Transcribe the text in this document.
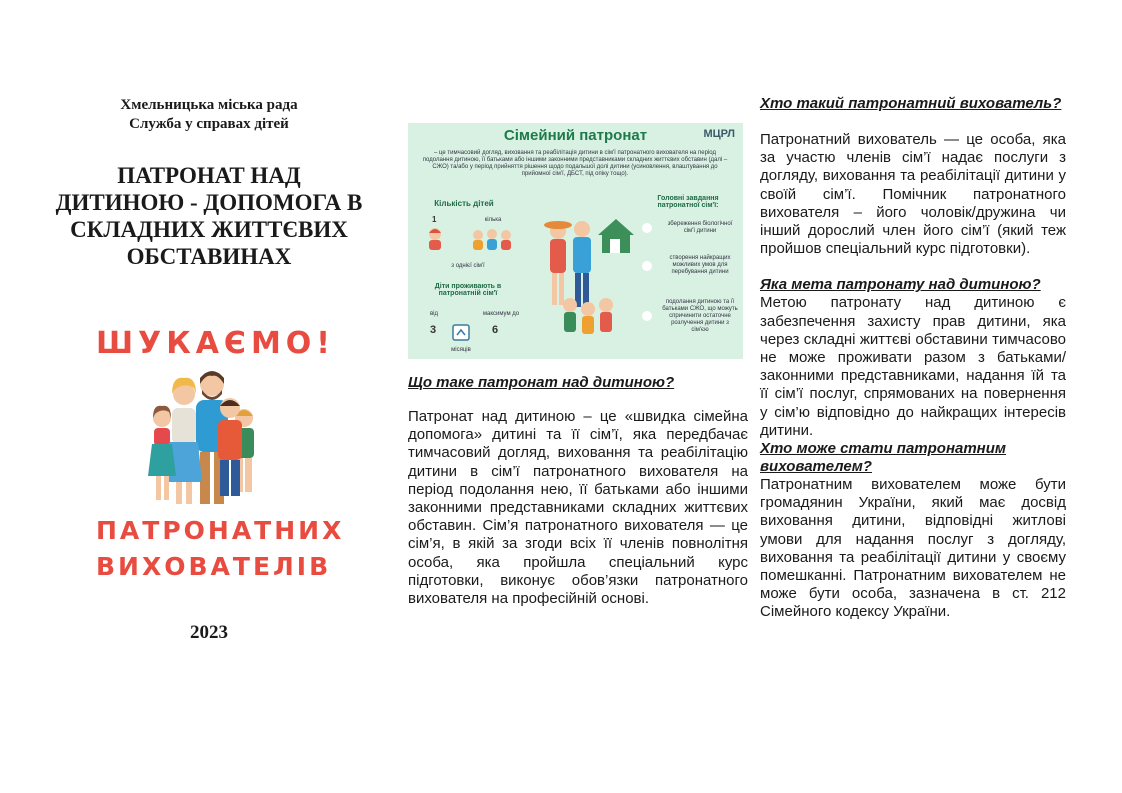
Хмельницька міська рада
Служба у справах дітей
ПАТРОНАТ НАД ДИТИНОЮ - ДОПОМОГА В СКЛАДНИХ ЖИТТЄВИХ ОБСТАВИНАХ
ШУКАЄМО!
ПАТРОНАТНИХ
ВИХОВАТЕЛІВ
2023
Сімейний патронат	МЦРЛ
– це тимчасовий догляд, виховання та реабілітація дитини в сім'ї патронатного вихователя на період подолання дитиною, її батьками або іншими законними представниками складних життєвих обставин (далі – СЖО) та/або у період прийняття рішення щодо подальшої долі дитини (усиновлення, влаштування до прийомної сім'ї, ДБСТ, під опіку тощо).
Кількість дітей
1	кілька
з однієї сім'ї
Діти проживають в патронатній сім'ї
від	максимум до
3	6
місяців
Головні завдання патронатної сім'ї:
збереження біологічної сім'ї дитини
створення найкращих можливих умов для перебування дитини
подолання дитиною та її батьками СЖО, що можуть спричинити остаточне розлучення дитини з сім'єю

Що таке патронат над дитиною?

Патронат над дитиною – це «швидка сімейна допомога» дитині та її сім’ї, яка передбачає тимчасовий догляд, виховання та реабілітацію дитини в сім’ї патронатного вихователя на період подолання нею, її батьками або іншими законними представниками складних життєвих обставин. Сім’я патронатного вихователя — це сім’я, в якій за згоди всіх її членів повнолітня особа, яка пройшла спеціальний курс підготовки, виконує обов’язки патронатного вихователя на професійній основі.

Хто такий патронатний вихователь?

Патронатний вихователь — це особа, яка за участю членів сім’ї надає послуги з догляду, виховання та реабілітації дитини у своїй сім’ї. Помічник патронатного вихователя – його чоловік/дружина чи інший дорослий член його сім’ї (який теж пройшов спеціальний курс підготовки).

Яка мета патронату над дитиною?

Метою патронату над дитиною є забезпечення захисту прав дитини, яка через складні життєві обставини тимчасово не може проживати разом з батьками/законними представниками, надання їй та її сім’ї послуг, спрямованих на повернення у сім’ю відповідно до найкращих інтересів дитини.

Хто може стати патронатним вихователем?

Патронатним вихователем може бути громадянин України, який має досвід виховання дитини, відповідні житлові умови для надання послуг з догляду, виховання та реабілітації дитини у своєму помешканні. Патронатним вихователем не може бути особа, зазначена в ст. 212 Сімейного кодексу України.
